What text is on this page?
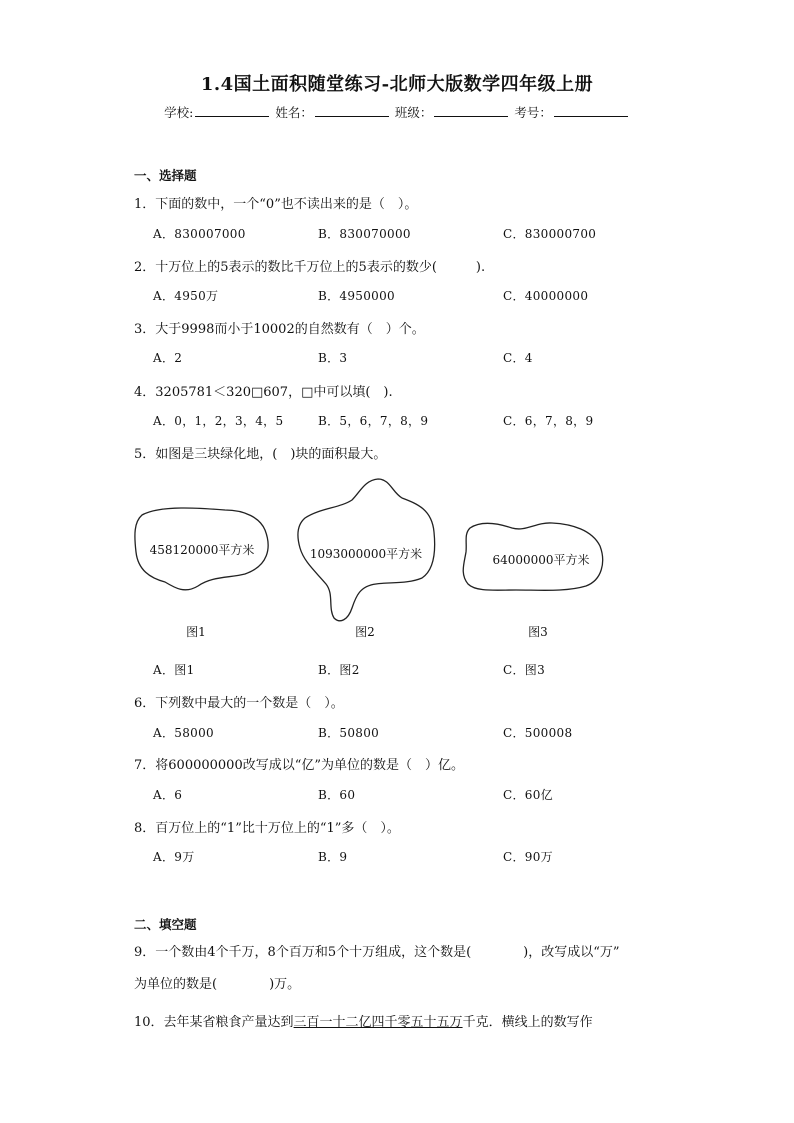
1.4国土面积随堂练习-北师大版数学四年级上册
学校:	姓名：	班级：	考号：
一、选择题
1．下面的数中，一个“0”也不读出来的是（　）。
A．830007000	B．830070000	C．830000700
2．十万位上的5表示的数比千万位上的5表示的数少(　　　).
A．4950万	B．4950000	C．40000000
3．大于9998而小于10002的自然数有（　）个。
A．2	B．3	C．4
4．3205781＜320□607，□中可以填(　).
A．0，1，2，3，4，5	B．5，6，7，8，9	C．6，7，8，9
5．如图是三块绿化地，(　)块的面积最大。
458120000平方米
图1
1093000000平方米
图2
64000000平方米
图3
A．图1	B．图2	C．图3
6．下列数中最大的一个数是（　）。
A．58000	B．50800	C．500008
7．将600000000改写成以“亿”为单位的数是（　）亿。
A．6	B．60	C．60亿
8．百万位上的“1”比十万位上的“1”多（　）。
A．9万	B．9	C．90万
二、填空题
9．一个数由4个千万，8个百万和5个十万组成，这个数是(　　　　)，改写成以“万”
为单位的数是(　　　　)万。
10．去年某省粮食产量达到三百一十二亿四千零五十五万千克．横线上的数写作
